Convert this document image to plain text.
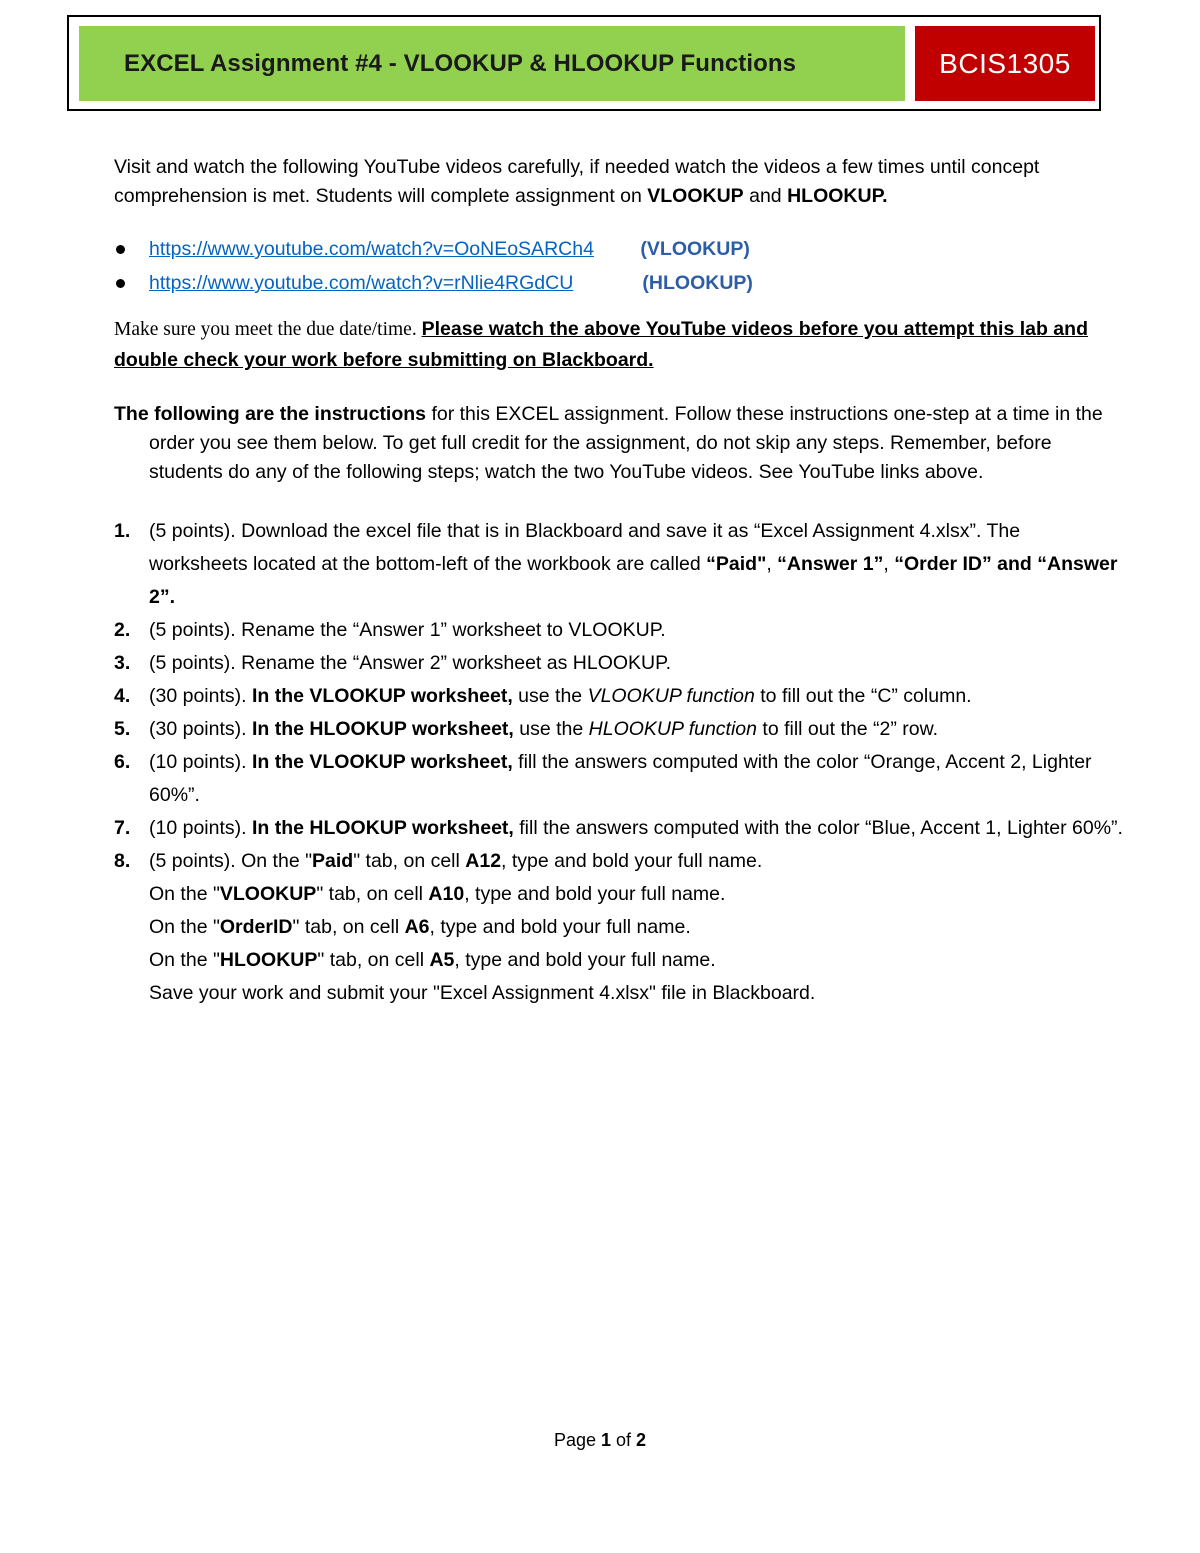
EXCEL Assignment #4 - VLOOKUP & HLOOKUP Functions	BCIS1305

Visit and watch the following YouTube videos carefully, if needed watch the videos a few times until concept comprehension is met. Students will complete assignment on VLOOKUP and HLOOKUP.

https://www.youtube.com/watch?v=OoNEoSARCh4 (VLOOKUP)
https://www.youtube.com/watch?v=rNlie4RGdCU	(HLOOKUP)

Make sure you meet the due date/time. Please watch the above YouTube videos before you attempt this lab and double check your work before submitting on Blackboard.

The following are the instructions for this EXCEL assignment. Follow these instructions one-step at a time in the order you see them below. To get full credit for the assignment, do not skip any steps. Remember, before students do any of the following steps; watch the two YouTube videos. See YouTube links above.

1. (5 points). Download the excel file that is in Blackboard and save it as “Excel Assignment 4.xlsx”. The worksheets located at the bottom-left of the workbook are called “Paid", “Answer 1”, “Order ID” and “Answer 2”.
2. (5 points). Rename the “Answer 1” worksheet to VLOOKUP.
3. (5 points). Rename the “Answer 2” worksheet as HLOOKUP.
4. (30 points). In the VLOOKUP worksheet, use the VLOOKUP function to fill out the “C” column.
5. (30 points). In the HLOOKUP worksheet, use the HLOOKUP function to fill out the “2” row.
6. (10 points). In the VLOOKUP worksheet, fill the answers computed with the color “Orange, Accent 2, Lighter 60%”.
7. (10 points). In the HLOOKUP worksheet, fill the answers computed with the color “Blue, Accent 1, Lighter 60%”.
8. (5 points). On the "Paid" tab, on cell A12, type and bold your full name.
On the "VLOOKUP" tab, on cell A10, type and bold your full name.
On the "OrderID" tab, on cell A6, type and bold your full name.
On the "HLOOKUP" tab, on cell A5, type and bold your full name.
Save your work and submit your "Excel Assignment 4.xlsx" file in Blackboard.
Page 1 of 2
